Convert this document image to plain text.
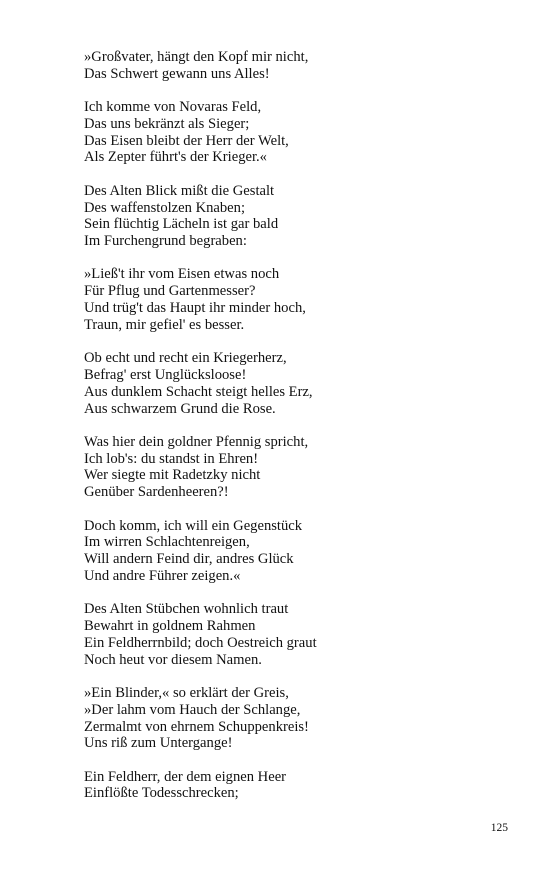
»Großvater, hängt den Kopf mir nicht,
Das Schwert gewann uns Alles!
Ich komme von Novaras Feld,
Das uns bekränzt als Sieger;
Das Eisen bleibt der Herr der Welt,
Als Zepter führt's der Krieger.«
Des Alten Blick mißt die Gestalt
Des waffenstolzen Knaben;
Sein flüchtig Lächeln ist gar bald
Im Furchengrund begraben:
»Ließ't ihr vom Eisen etwas noch
Für Pflug und Gartenmesser?
Und trüg't das Haupt ihr minder hoch,
Traun, mir gefiel' es besser.
Ob echt und recht ein Kriegerherz,
Befrag' erst Unglücksloose!
Aus dunklem Schacht steigt helles Erz,
Aus schwarzem Grund die Rose.
Was hier dein goldner Pfennig spricht,
Ich lob's: du standst in Ehren!
Wer siegte mit Radetzky nicht
Genüber Sardenheeren?!
Doch komm, ich will ein Gegenstück
Im wirren Schlachtenreigen,
Will andern Feind dir, andres Glück
Und andre Führer zeigen.«
Des Alten Stübchen wohnlich traut
Bewahrt in goldnem Rahmen
Ein Feldherrnbild; doch Oestreich graut
Noch heut vor diesem Namen.
»Ein Blinder,« so erklärt der Greis,
»Der lahm vom Hauch der Schlange,
Zermalmt von ehrnem Schuppenkreis!
Uns riß zum Untergange!
Ein Feldherr, der dem eignen Heer
Einflößte Todesschrecken;
125
